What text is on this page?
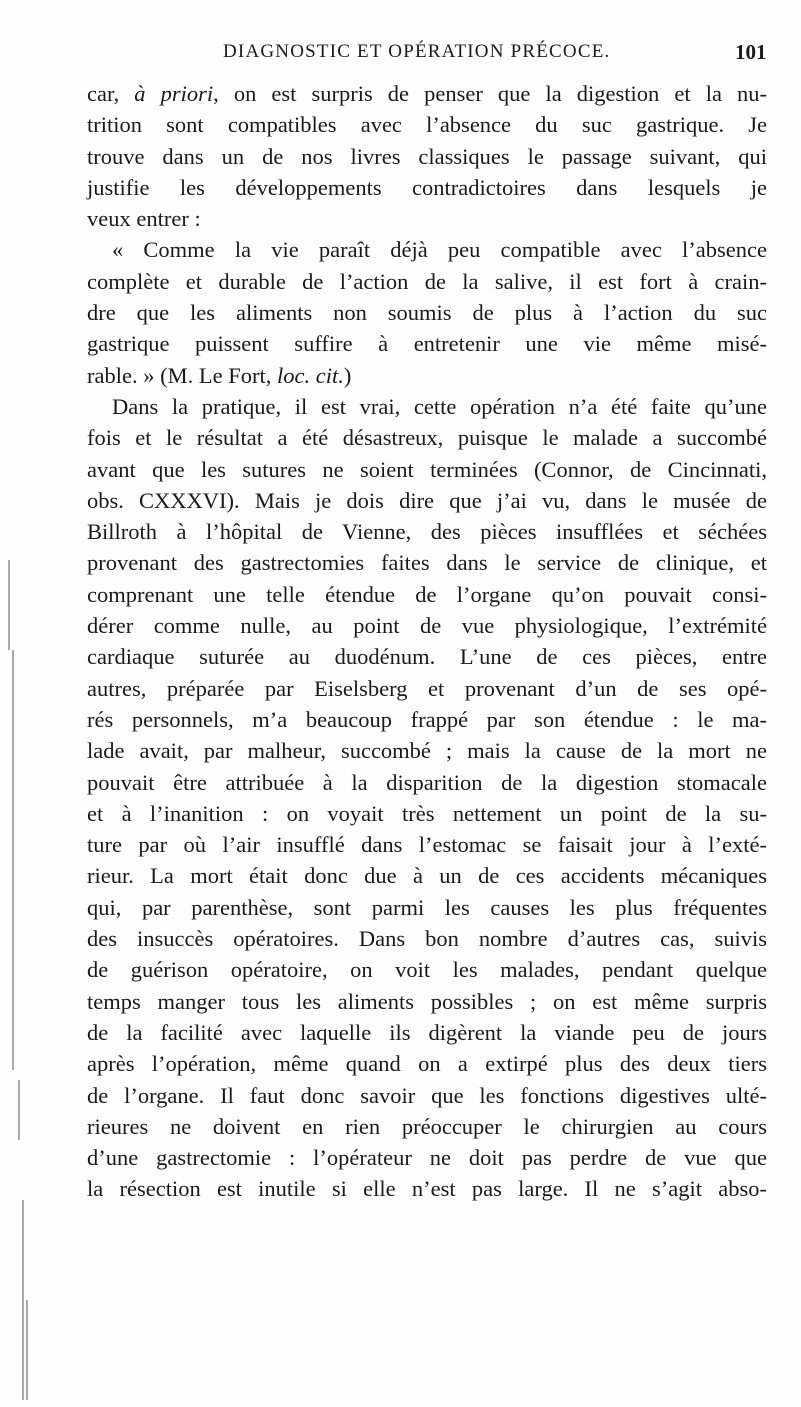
DIAGNOSTIC ET OPÉRATION PRÉCOCE.	101
car, à priori, on est surpris de penser que la digestion et la nu-
trition sont compatibles avec l’absence du suc gastrique. Je
trouve dans un de nos livres classiques le passage suivant, qui
justifie les développements contradictoires dans lesquels je
veux entrer :
« Comme la vie paraît déjà peu compatible avec l’absence
complète et durable de l’action de la salive, il est fort à crain-
dre que les aliments non soumis de plus à l’action du suc
gastrique puissent suffire à entretenir une vie même misé-
rable. » (M. Le Fort, loc. cit.)
Dans la pratique, il est vrai, cette opération n’a été faite qu’une
fois et le résultat a été désastreux, puisque le malade a succombé
avant que les sutures ne soient terminées (Connor, de Cincinnati,
obs. CXXXVI). Mais je dois dire que j’ai vu, dans le musée de
Billroth à l’hôpital de Vienne, des pièces insufflées et séchées
provenant des gastrectomies faites dans le service de clinique, et
comprenant une telle étendue de l’organe qu’on pouvait consi-
dérer comme nulle, au point de vue physiologique, l’extrémité
cardiaque suturée au duodénum. L’une de ces pièces, entre
autres, préparée par Eiselsberg et provenant d’un de ses opé-
rés personnels, m’a beaucoup frappé par son étendue : le ma-
lade avait, par malheur, succombé ; mais la cause de la mort ne
pouvait être attribuée à la disparition de la digestion stomacale
et à l’inanition : on voyait très nettement un point de la su-
ture par où l’air insufflé dans l’estomac se faisait jour à l’exté-
rieur. La mort était donc due à un de ces accidents mécaniques
qui, par parenthèse, sont parmi les causes les plus fréquentes
des insuccès opératoires. Dans bon nombre d’autres cas, suivis
de guérison opératoire, on voit les malades, pendant quelque
temps manger tous les aliments possibles ; on est même surpris
de la facilité avec laquelle ils digèrent la viande peu de jours
après l’opération, même quand on a extirpé plus des deux tiers
de l’organe. Il faut donc savoir que les fonctions digestives ulté-
rieures ne doivent en rien préoccuper le chirurgien au cours
d’une gastrectomie : l’opérateur ne doit pas perdre de vue que
la résection est inutile si elle n’est pas large. Il ne s’agit abso-
